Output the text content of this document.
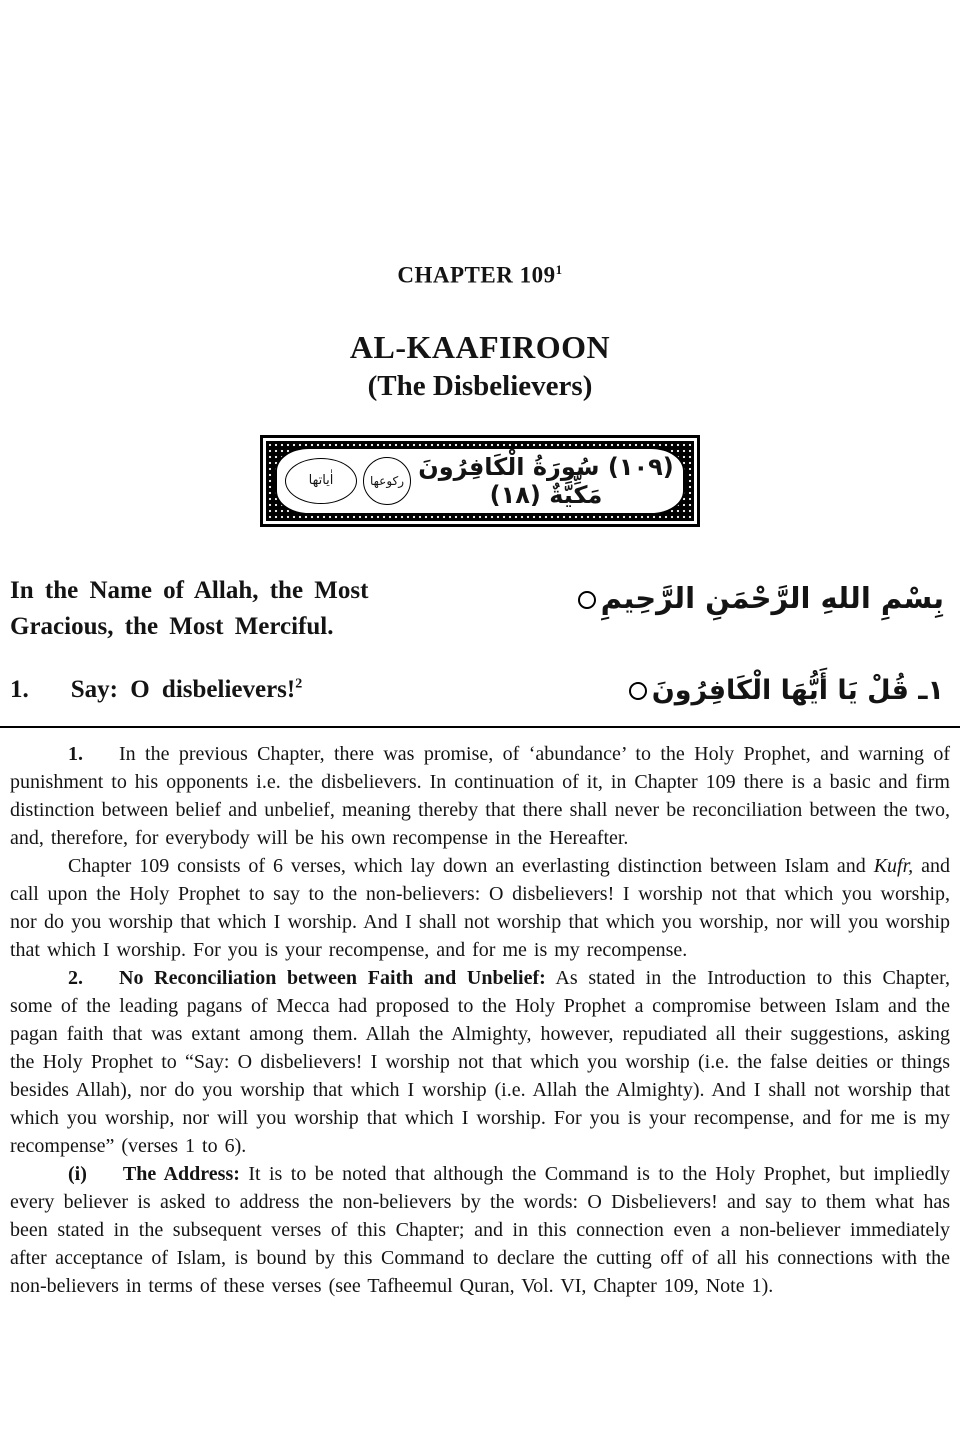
CHAPTER $109^1$
AL-KAAFIROON
(The Disbelievers)
اٰياتها	ركوعها (١٠٩) سُورَةُ الْكَافِرُونَ مَكِّيَّةٌ (١٨)
In the Name of Allah, the Most
Gracious, the Most Merciful.
بِسْمِ اللهِ الرَّحْمَنِ الرَّحِيمِ
1. Say: O disbelievers!$^2$	١ـ قُلْ يَا أَيُّهَا الْكَافِرُونَ

1. In the previous Chapter, there was promise, of ‘abundance’ to the Holy Prophet, and warning of punishment to his opponents i.e. the disbelievers. In continuation of it, in Chapter 109 there is a basic and firm distinction between belief and unbelief, meaning thereby that there shall never be reconciliation between the two, and, therefore, for everybody will be his own recompense in the Hereafter.

Chapter 109 consists of 6 verses, which lay down an everlasting distinction between Islam and Kufr, and call upon the Holy Prophet to say to the non-believers: O disbelievers! I worship not that which you worship, nor do you worship that which I worship. And I shall not worship that which you worship, nor will you worship that which I worship. For you is your recompense, and for me is my recompense.

2. No Reconciliation between Faith and Unbelief: As stated in the Introduction to this Chapter, some of the leading pagans of Mecca had proposed to the Holy Prophet a compromise between Islam and the pagan faith that was extant among them. Allah the Almighty, however, repudiated all their suggestions, asking the Holy Prophet to “Say: O disbelievers! I worship not that which you worship (i.e. the false deities or things besides Allah), nor do you worship that which I worship (i.e. Allah the Almighty). And I shall not worship that which you worship, nor will you worship that which I worship. For you is your recompense, and for me is my recompense” (verses 1 to 6).

(i) The Address: It is to be noted that although the Command is to the Holy Prophet, but impliedly every believer is asked to address the non-believers by the words: O Disbelievers! and say to them what has been stated in the subsequent verses of this Chapter; and in this connection even a non-believer immediately after acceptance of Islam, is bound by this Command to declare the cutting off of all his connections with the non-believers in terms of these verses (see Tafheemul Quran, Vol. VI, Chapter 109, Note 1).
